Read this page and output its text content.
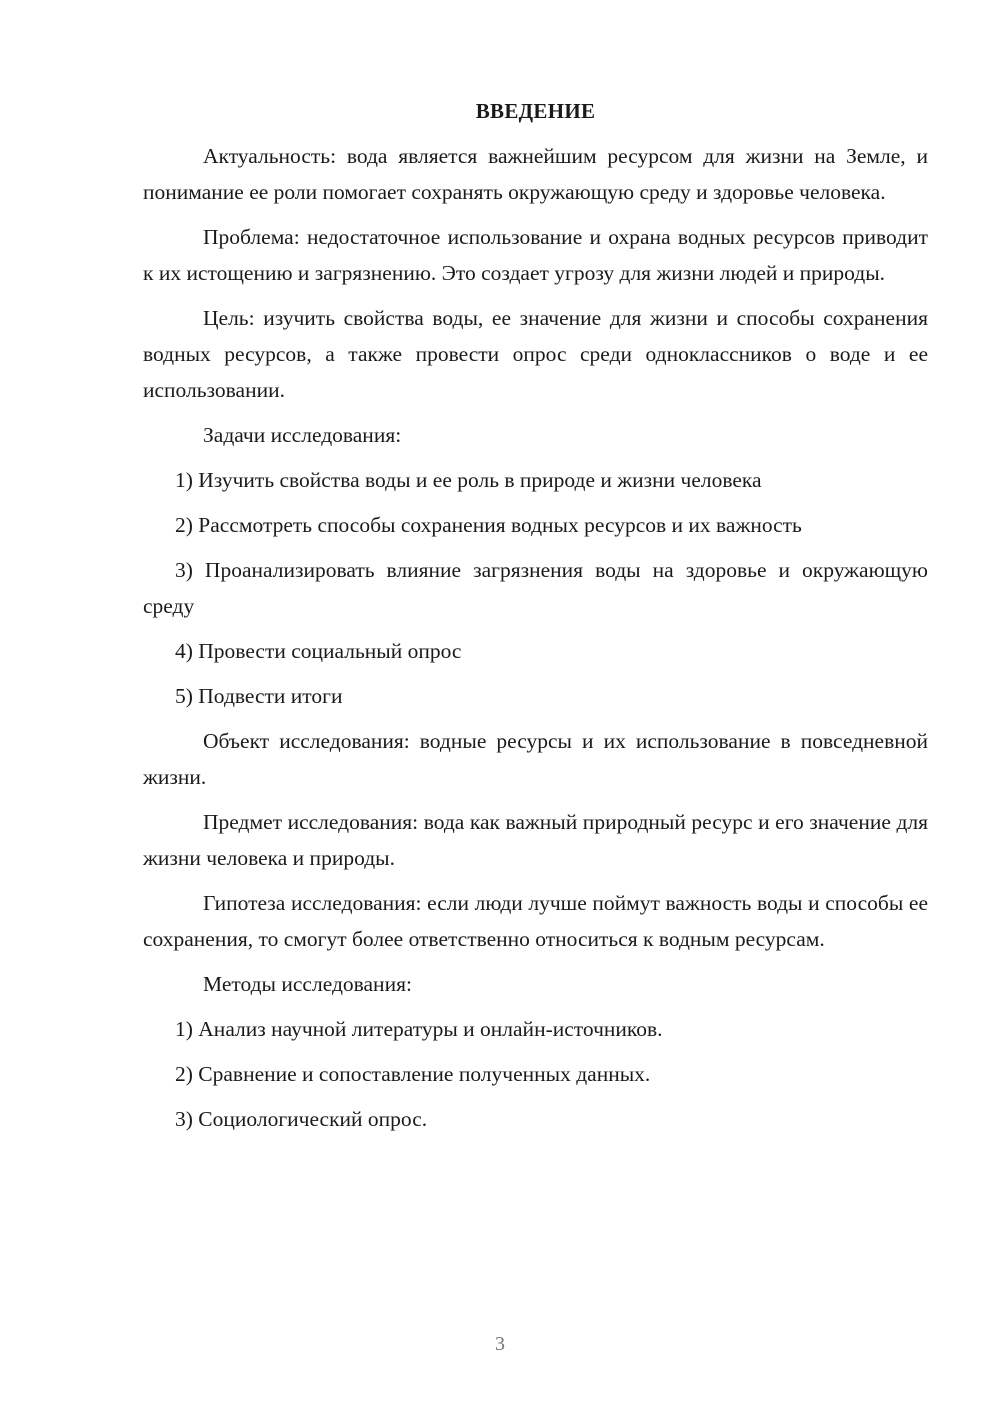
ВВЕДЕНИЕ

Актуальность: вода является важнейшим ресурсом для жизни на Земле, и понимание ее роли помогает сохранять окружающую среду и здоровье человека.

Проблема: недостаточное использование и охрана водных ресурсов приводит к их истощению и загрязнению. Это создает угрозу для жизни людей и природы.

Цель: изучить свойства воды, ее значение для жизни и способы сохранения водных ресурсов, а также провести опрос среди одноклассников о воде и ее использовании.

Задачи исследования:

1) Изучить свойства воды и ее роль в природе и жизни человека

2) Рассмотреть способы сохранения водных ресурсов и их важность

3) Проанализировать влияние загрязнения воды на здоровье и окружающую среду

4) Провести социальный опрос

5) Подвести итоги

Объект исследования: водные ресурсы и их использование в повседневной жизни.

Предмет исследования: вода как важный природный ресурс и его значение для жизни человека и природы.

Гипотеза исследования: если люди лучше поймут важность воды и способы ее сохранения, то смогут более ответственно относиться к водным ресурсам.

Методы исследования:

1) Анализ научной литературы и онлайн-источников.

2) Сравнение и сопоставление полученных данных.

3) Социологический опрос.

3
